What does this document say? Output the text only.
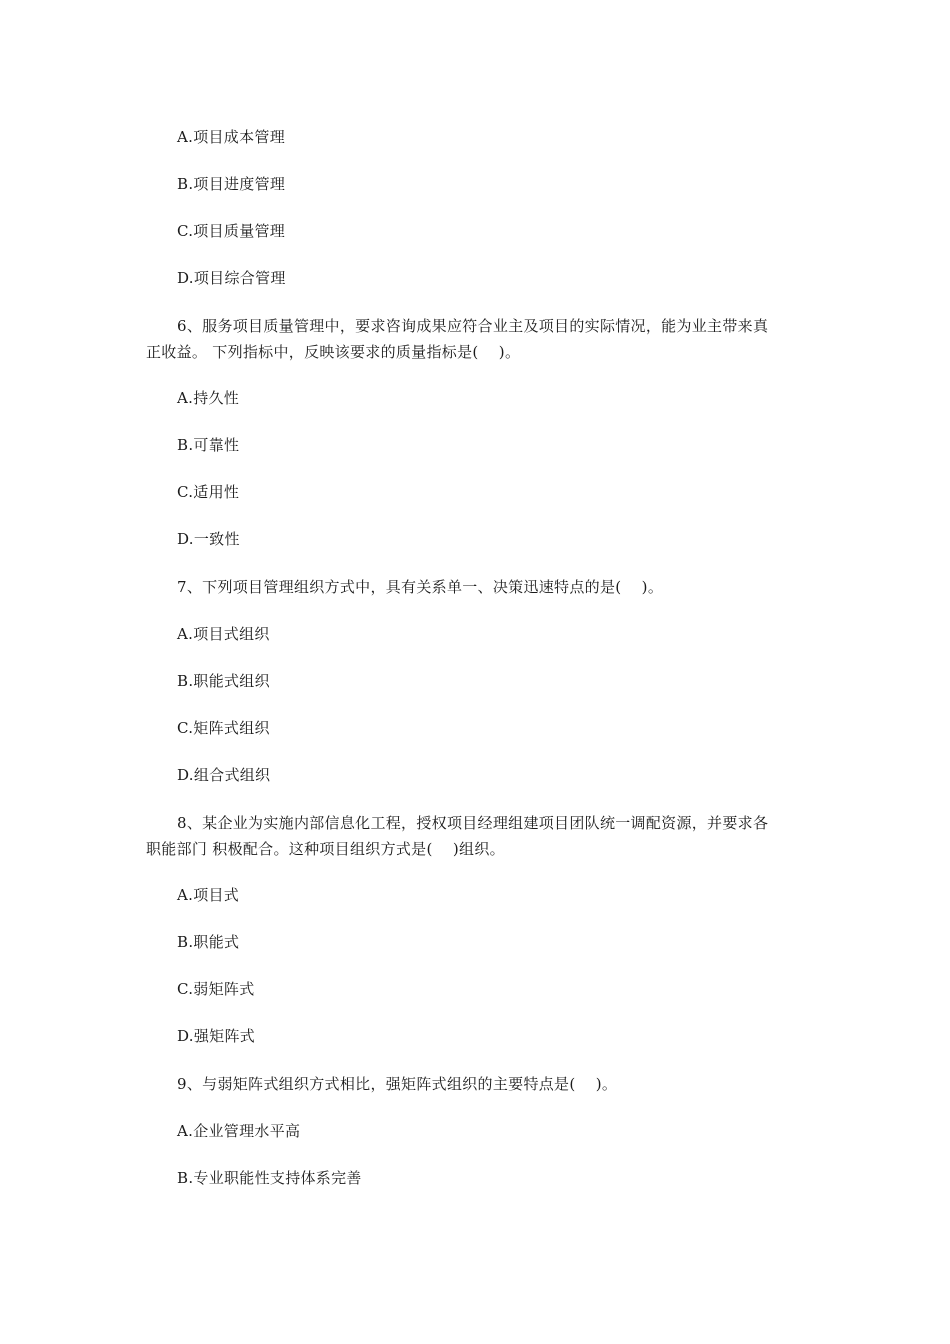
A.项目成本管理
B.项目进度管理
C.项目质量管理
D.项目综合管理
6、服务项目质量管理中，要求咨询成果应符合业主及项目的实际情况，能为业主带来真
正收益。 下列指标中，反映该要求的质量指标是(    )。
A.持久性
B.可靠性
C.适用性
D.一致性
7、下列项目管理组织方式中，具有关系单一、决策迅速特点的是(    )。
A.项目式组织
B.职能式组织
C.矩阵式组织
D.组合式组织
8、某企业为实施内部信息化工程，授权项目经理组建项目团队统一调配资源，并要求各
职能部门 积极配合。这种项目组织方式是(    )组织。
A.项目式
B.职能式
C.弱矩阵式
D.强矩阵式
9、与弱矩阵式组织方式相比，强矩阵式组织的主要特点是(    )。
A.企业管理水平高
B.专业职能性支持体系完善
